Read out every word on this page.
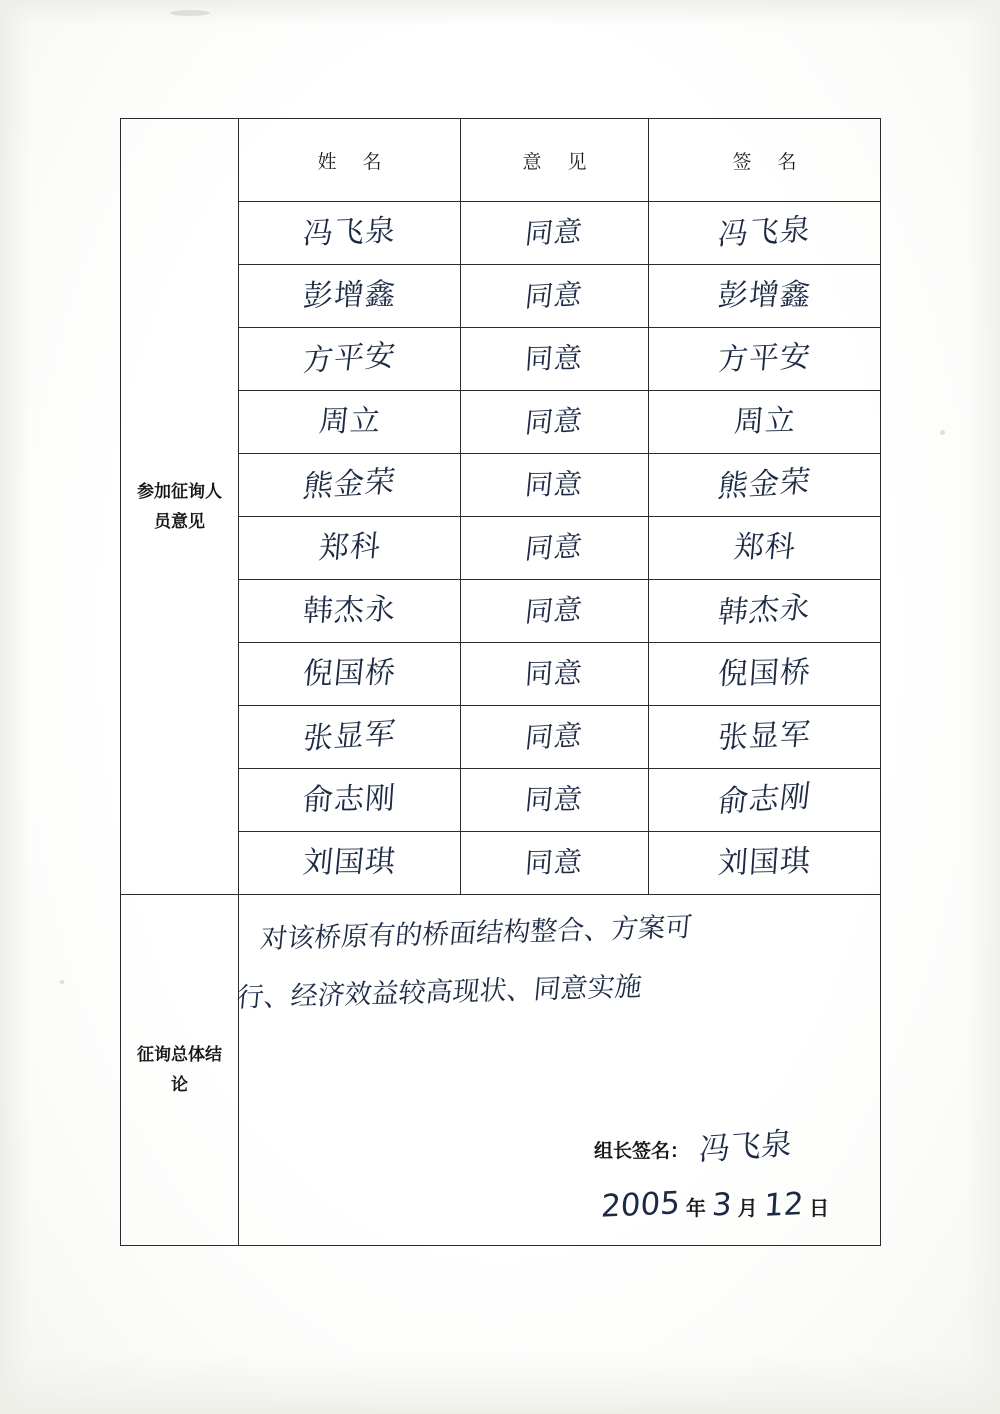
参加征询人
员意见	姓 名	意 见	签 名

	冯飞泉	同意	冯飞泉

	彭增鑫	同意	彭增鑫

	方平安	同意	方平安

	周立	同意	周立

	熊金荣	同意	熊金荣

	郑科	同意	郑科

	韩杰永	同意	韩杰永

	倪国桥	同意	倪国桥

	张显军	同意	张显军

	俞志刚	同意	俞志刚

	刘国琪	同意	刘国琪

征询总体结
论

对该桥原有的桥面结构整合、方案可
行、经济效益较高现状、同意实施
组长签名： 冯飞泉
2005 年 3 月 12 日
